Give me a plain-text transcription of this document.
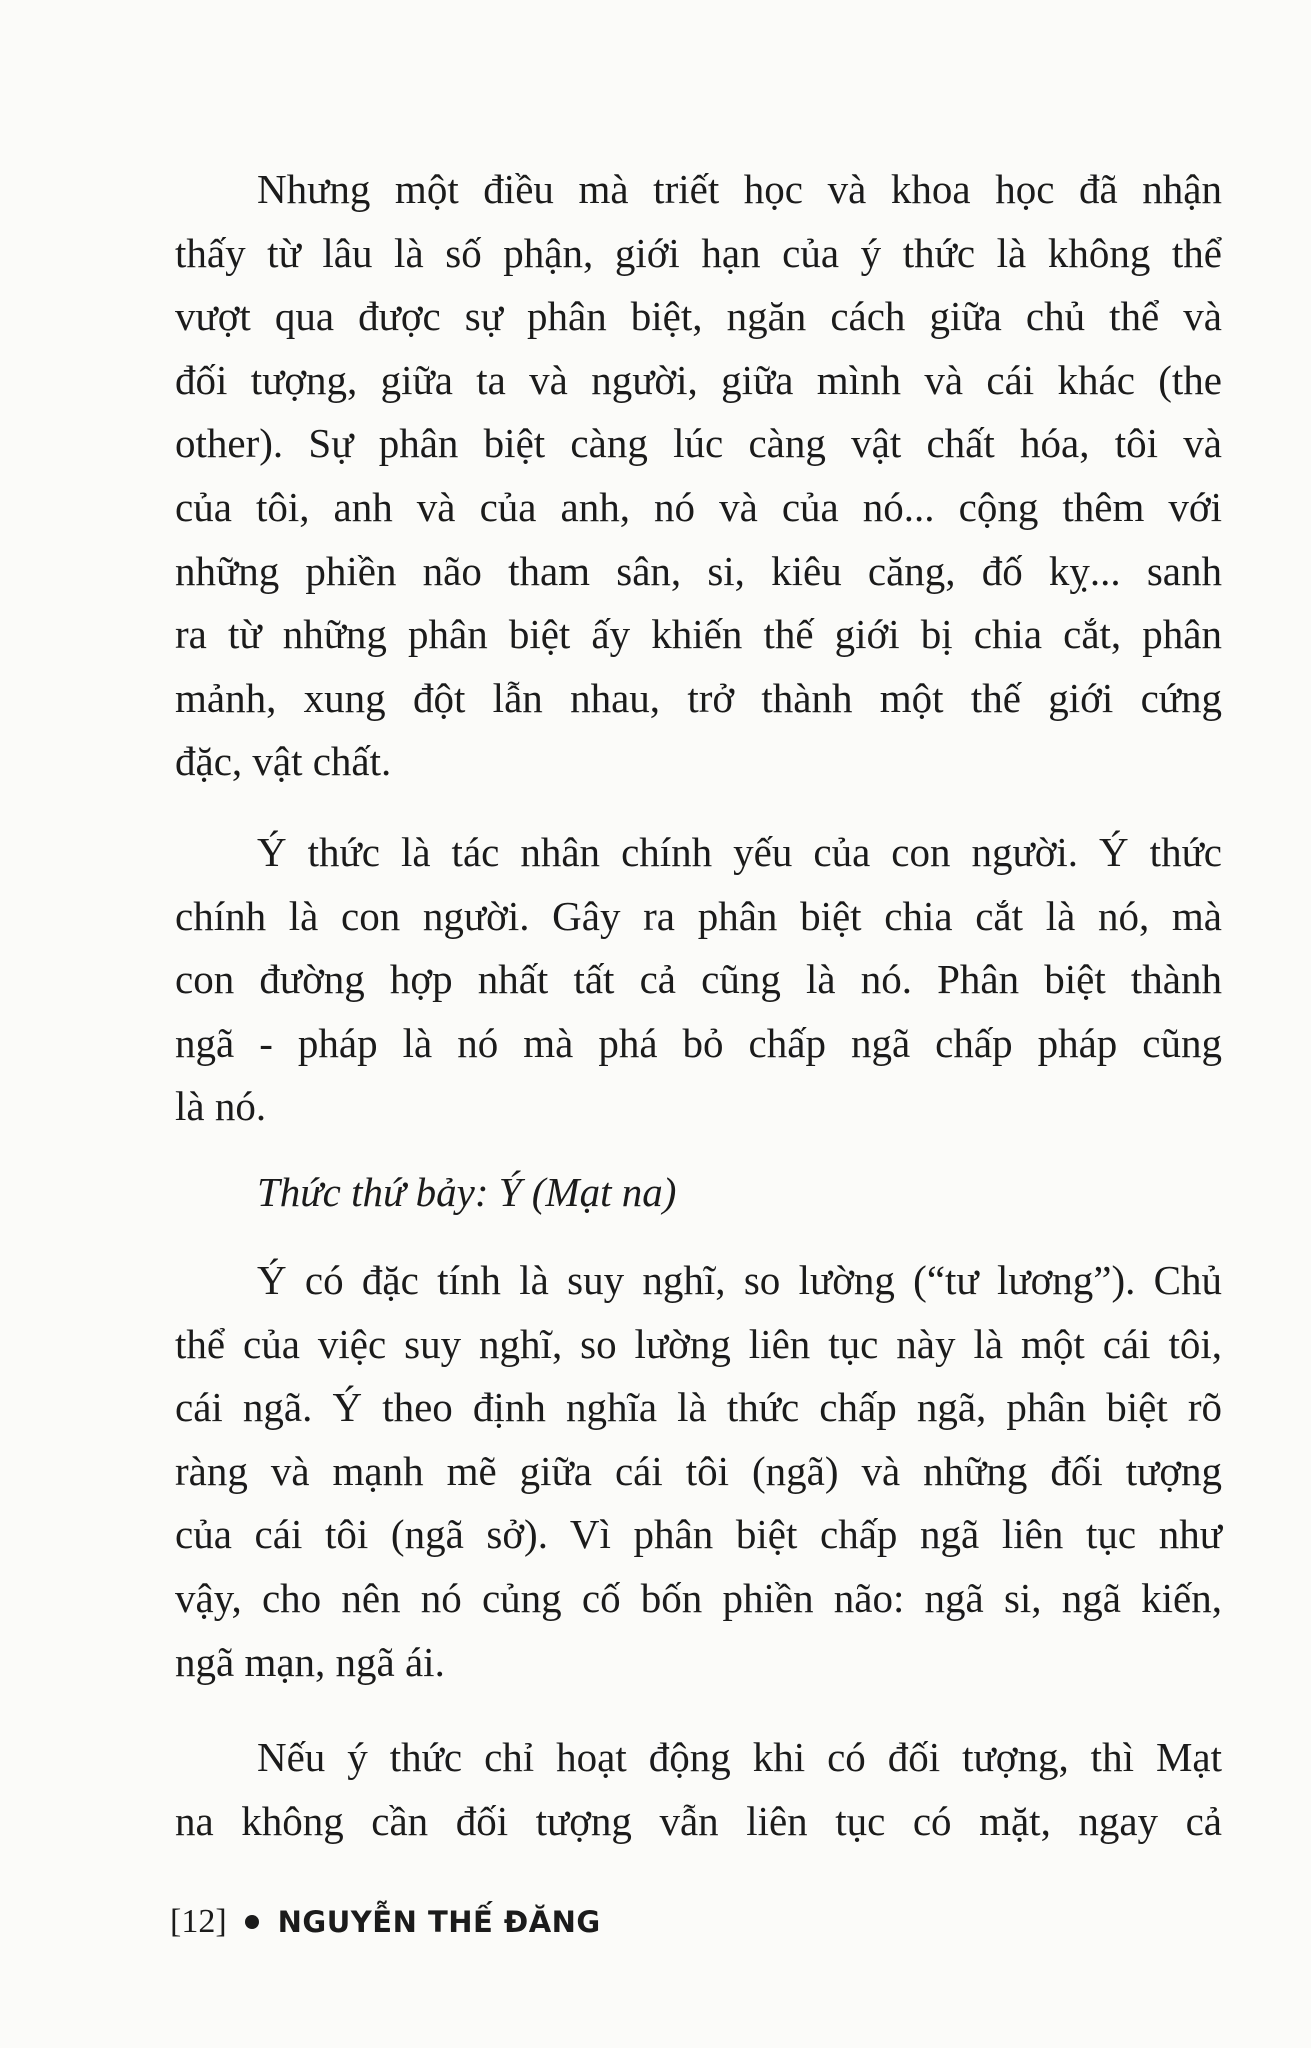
Nhưng một điều mà triết học và khoa học đã nhận
thấy từ lâu là số phận, giới hạn của ý thức là không thể
vượt qua được sự phân biệt, ngăn cách giữa chủ thể và
đối tượng, giữa ta và người, giữa mình và cái khác (the
other). Sự phân biệt càng lúc càng vật chất hóa, tôi và
của tôi, anh và của anh, nó và của nó... cộng thêm với
những phiền não tham sân, si, kiêu căng, đố kỵ... sanh
ra từ những phân biệt ấy khiến thế giới bị chia cắt, phân
mảnh, xung đột lẫn nhau, trở thành một thế giới cứng
đặc, vật chất.
Ý thức là tác nhân chính yếu của con người. Ý thức
chính là con người. Gây ra phân biệt chia cắt là nó, mà
con đường hợp nhất tất cả cũng là nó. Phân biệt thành
ngã - pháp là nó mà phá bỏ chấp ngã chấp pháp cũng
là nó.
Thức thứ bảy: Ý (Mạt na)
Ý có đặc tính là suy nghĩ, so lường (“tư lương”). Chủ
thể của việc suy nghĩ, so lường liên tục này là một cái tôi,
cái ngã. Ý theo định nghĩa là thức chấp ngã, phân biệt rõ
ràng và mạnh mẽ giữa cái tôi (ngã) và những đối tượng
của cái tôi (ngã sở). Vì phân biệt chấp ngã liên tục như
vậy, cho nên nó củng cố bốn phiền não: ngã si, ngã kiến,
ngã mạn, ngã ái.
Nếu ý thức chỉ hoạt động khi có đối tượng, thì Mạt
na không cần đối tượng vẫn liên tục có mặt, ngay cả
[12] NGUYỄN THẾ ĐĂNG
